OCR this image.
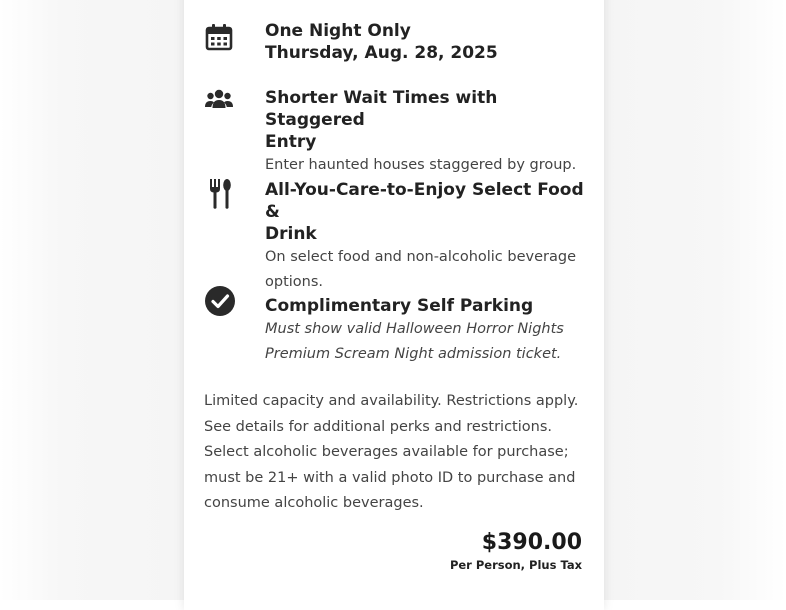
One Night Only

Thursday, Aug. 28, 2025

Shorter Wait Times with Staggered

Entry

Enter haunted houses staggered by group.

All-You-Care-to-Enjoy Select Food &

Drink

On select food and non-alcoholic beverage

options.

Complimentary Self Parking

Must show valid Halloween Horror Nights

Premium Scream Night admission ticket.

Limited capacity and availability. Restrictions apply.
See details for additional perks and restrictions.
Select alcoholic beverages available for purchase;
must be 21+ with a valid photo ID to purchase and
consume alcoholic beverages.
$390.00
Per Person, Plus Tax
